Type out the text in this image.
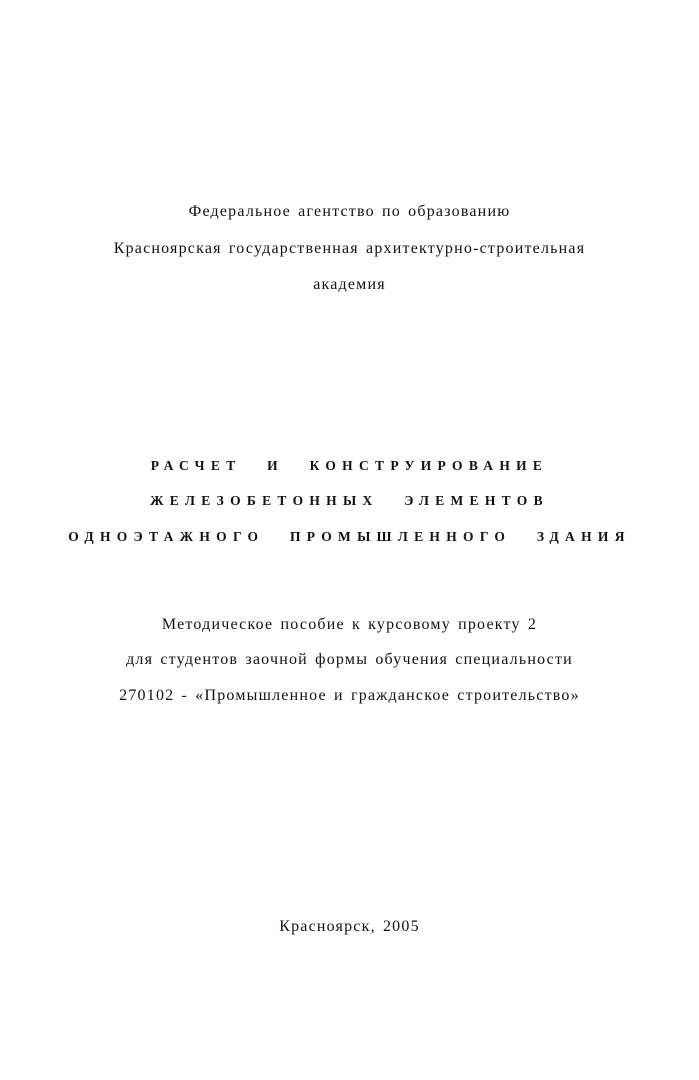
Федеральное агентство по образованию
Красноярская государственная архитектурно-строительная
академия
РАСЧЕТ И КОНСТРУИРОВАНИЕ
ЖЕЛЕЗОБЕТОННЫХ ЭЛЕМЕНТОВ
ОДНОЭТАЖНОГО ПРОМЫШЛЕННОГО ЗДАНИЯ
Методическое пособие к курсовому проекту 2
для студентов заочной формы обучения специальности
270102 - «Промышленное и гражданское строительство»
Красноярск, 2005
